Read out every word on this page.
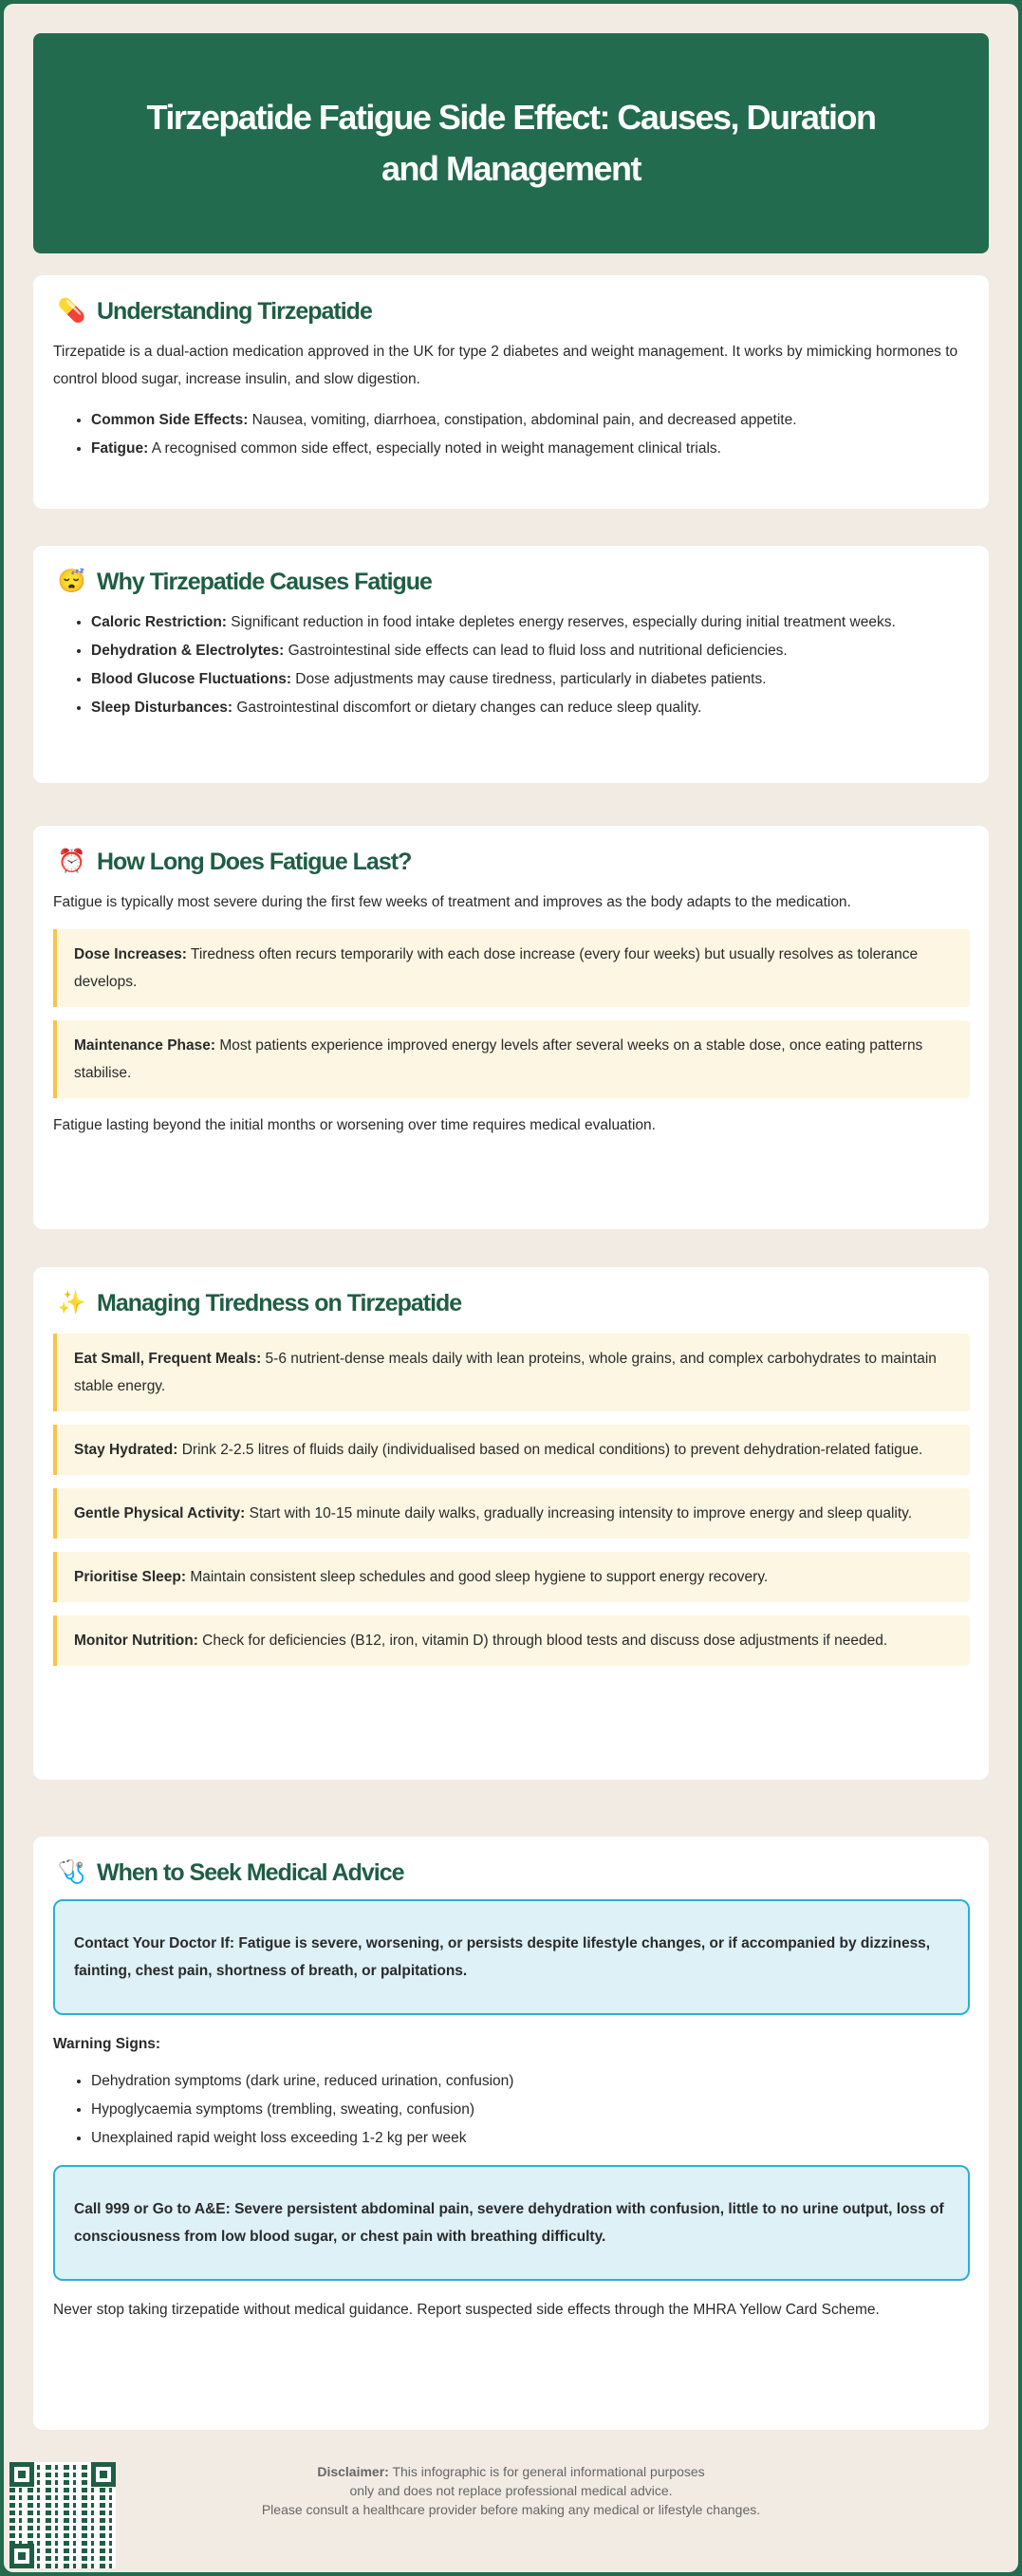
Tirzepatide Fatigue Side Effect: Causes, Duration and Management
💊 Understanding Tirzepatide

Tirzepatide is a dual-action medication approved in the UK for type 2 diabetes and weight management. It works by mimicking hormones to control blood sugar, increase insulin, and slow digestion.

• Common Side Effects: Nausea, vomiting, diarrhoea, constipation, abdominal pain, and decreased appetite.
• Fatigue: A recognised common side effect, especially noted in weight management clinical trials.
😴 Why Tirzepatide Causes Fatigue
• Caloric Restriction: Significant reduction in food intake depletes energy reserves, especially during initial treatment weeks.
• Dehydration & Electrolytes: Gastrointestinal side effects can lead to fluid loss and nutritional deficiencies.
• Blood Glucose Fluctuations: Dose adjustments may cause tiredness, particularly in diabetes patients.
• Sleep Disturbances: Gastrointestinal discomfort or dietary changes can reduce sleep quality.
⏰ How Long Does Fatigue Last?

Fatigue is typically most severe during the first few weeks of treatment and improves as the body adapts to the medication.

Dose Increases: Tiredness often recurs temporarily with each dose increase (every four weeks) but usually resolves as tolerance develops.
Maintenance Phase: Most patients experience improved energy levels after several weeks on a stable dose, once eating patterns stabilise.

Fatigue lasting beyond the initial months or worsening over time requires medical evaluation.

✨ Managing Tiredness on Tirzepatide
Eat Small, Frequent Meals: 5-6 nutrient-dense meals daily with lean proteins, whole grains, and complex carbohydrates to maintain stable energy.
Stay Hydrated: Drink 2-2.5 litres of fluids daily (individualised based on medical conditions) to prevent dehydration-related fatigue.
Gentle Physical Activity: Start with 10-15 minute daily walks, gradually increasing intensity to improve energy and sleep quality.
Prioritise Sleep: Maintain consistent sleep schedules and good sleep hygiene to support energy recovery.
Monitor Nutrition: Check for deficiencies (B12, iron, vitamin D) through blood tests and discuss dose adjustments if needed.
🩺 When to Seek Medical Advice
Contact Your Doctor If: Fatigue is severe, worsening, or persists despite lifestyle changes, or if accompanied by dizziness, fainting, chest pain, shortness of breath, or palpitations.

Warning Signs:

• Dehydration symptoms (dark urine, reduced urination, confusion)
• Hypoglycaemia symptoms (trembling, sweating, confusion)
• Unexplained rapid weight loss exceeding 1-2 kg per week
Call 999 or Go to A&E: Severe persistent abdominal pain, severe dehydration with confusion, little to no urine output, loss of consciousness from low blood sugar, or chest pain with breathing difficulty.

Never stop taking tirzepatide without medical guidance. Report suspected side effects through the MHRA Yellow Card Scheme.

Disclaimer: This infographic is for general informational purposes
only and does not replace professional medical advice.
Please consult a healthcare provider before making any medical or lifestyle changes.
